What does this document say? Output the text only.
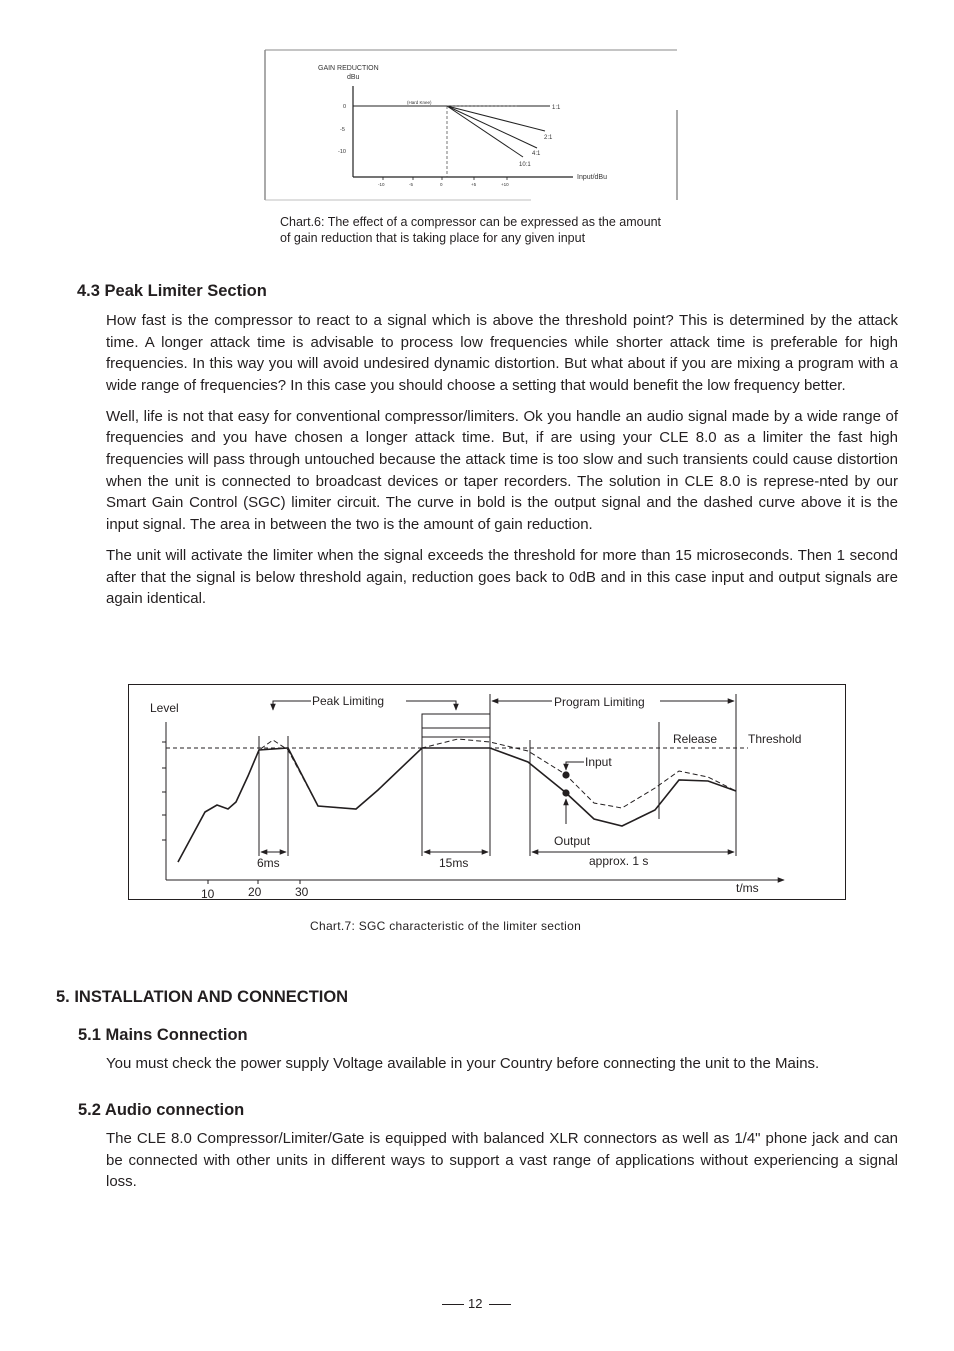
GAIN REDUCTION
dBu
0
-5
-10
(Hard Knee)
1:1
2:1
4:1
10:1
-10	-5	0	+5	+10
Input/dBu
Chart.6: The effect of a compressor can be expressed as the amount
of gain reduction that is taking place for any given input
4.3 Peak Limiter Section

How fast is the compressor to react to a signal which is above the threshold point? This is determined by the attack time. A longer attack time is advisable to process low frequencies while shorter attack time is preferable for high frequencies. In this way you will avoid undesired dynamic distortion. But what about if you are mixing a program with a wide range of frequencies? In this case you should choose a setting that would benefit the low frequency better.

Well, life is not that easy for conventional compressor/limiters. Ok you handle an audio signal made by a wide range of frequencies and you have chosen a longer attack time. But, if are using your CLE 8.0 as a limiter the fast high frequencies will pass through untouched because the attack time is too slow and such transients could cause distortion when the unit is connected to broadcast devices or taper recorders. The solution in CLE 8.0 is represe-nted by our Smart Gain Control (SGC) limiter circuit. The curve in bold is the output signal and the dashed curve above it is the input signal. The area in between the two is the amount of gain reduction.

The unit will activate the limiter when the signal exceeds the threshold for more than 15 microseconds. Then 1 second after that the signal is below threshold again, reduction goes back to 0dB and in this case input and output signals are again identical.

10	20	30	t/ms
Level
Threshold
Peak Limiting	Program Limiting
Release
Input
Output
6ms	15ms	approx. 1 s
Chart.7: SGC characteristic of the limiter section
5. INSTALLATION AND CONNECTION
5.1 Mains Connection
You must check the power supply Voltage available in your Country before connecting the unit to the Mains.
5.2 Audio connection
The CLE 8.0 Compressor/Limiter/Gate is equipped with balanced XLR connectors as well as 1/4" phone jack and can be connected with other units in different ways to support a vast range of applications without experiencing a signal loss.
12
